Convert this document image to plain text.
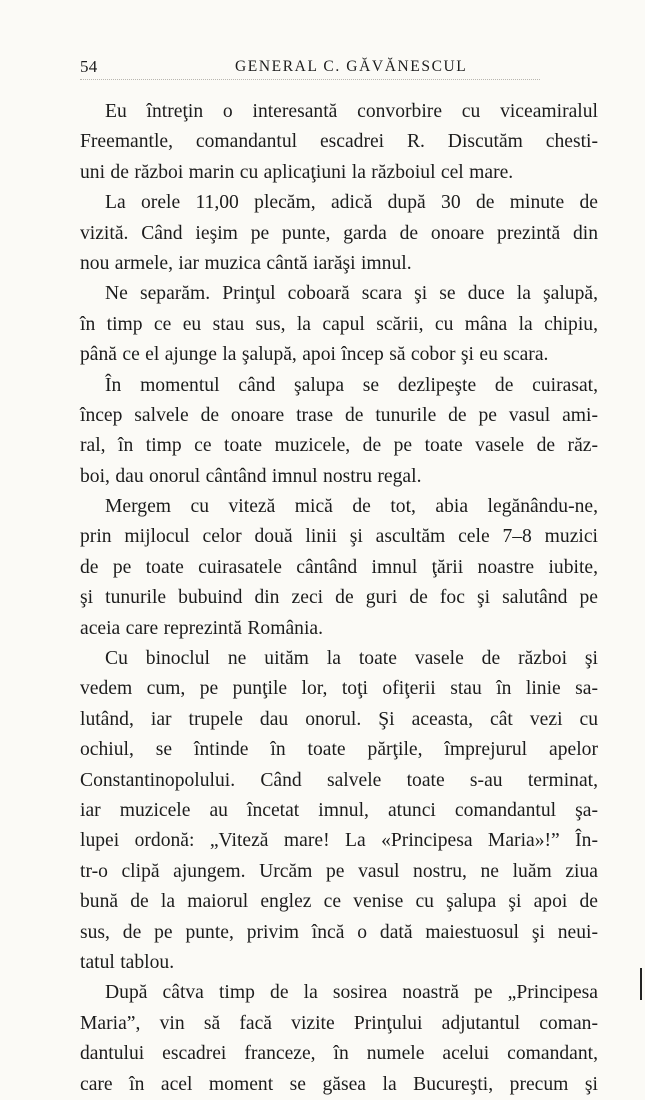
54	GENERAL C. GĂVĂNESCUL
Eu întreţin o interesantă convorbire cu viceamiralul
Freemantle, comandantul escadrei R. Discutăm chesti-
uni de război marin cu aplicaţiuni la războiul cel mare.
La orele 11,00 plecăm, adică după 30 de minute de
vizită. Când ieşim pe punte, garda de onoare prezintă din
nou armele, iar muzica cântă iarăşi imnul.
Ne separăm. Prinţul coboară scara şi se duce la şalupă,
în timp ce eu stau sus, la capul scării, cu mâna la chipiu,
până ce el ajunge la şalupă, apoi încep să cobor şi eu scara.
În momentul când şalupa se dezlipeşte de cuirasat,
încep salvele de onoare trase de tunurile de pe vasul ami-
ral, în timp ce toate muzicele, de pe toate vasele de răz-
boi, dau onorul cântând imnul nostru regal.
Mergem cu viteză mică de tot, abia legănându-ne,
prin mijlocul celor două linii şi ascultăm cele 7–8 muzici
de pe toate cuirasatele cântând imnul ţării noastre iubite,
şi tunurile bubuind din zeci de guri de foc şi salutând pe
aceia care reprezintă România.
Cu binoclul ne uităm la toate vasele de război şi
vedem cum, pe punţile lor, toţi ofiţerii stau în linie sa-
lutând, iar trupele dau onorul. Şi aceasta, cât vezi cu
ochiul, se întinde în toate părţile, împrejurul apelor
Constantinopolului. Când salvele toate s-au terminat,
iar muzicele au încetat imnul, atunci comandantul şa-
lupei ordonă: „Viteză mare! La «Principesa Maria»!” În-
tr-o clipă ajungem. Urcăm pe vasul nostru, ne luăm ziua
bună de la maiorul englez ce venise cu şalupa şi apoi de
sus, de pe punte, privim încă o dată maiestuosul şi neui-
tatul tablou.
După câtva timp de la sosirea noastră pe „Principesa
Maria”, vin să facă vizite Prinţului adjutantul coman-
dantului escadrei franceze, în numele acelui comandant,
care în acel moment se găsea la Bucureşti, precum şi
